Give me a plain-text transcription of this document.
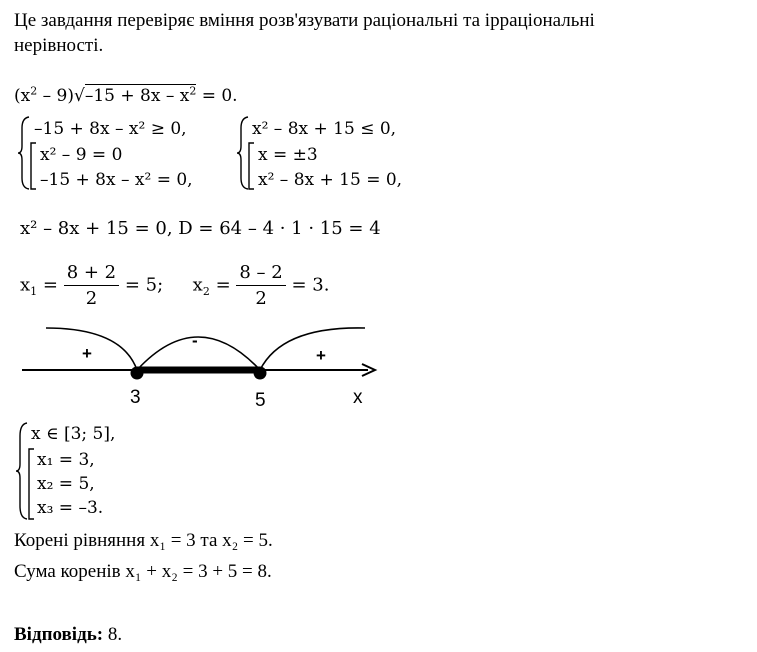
Це завдання перевіряє вміння розв'язувати раціональні та ірраціональні
нерівності.
$(x^2 - 9)√-15 + 8x - x^2 = 0$.
–15 + 8x – x² ≥ 0,
x² – 9 = 0
–15 + 8x – x² = 0,
x² – 8x + 15 ≤ 0,
x = ±3
x² – 8x + 15 = 0,
x² – 8x + 15 = 0, D = 64 – 4 · 1 · 15 = 4
$x_1 = \frac{8 + 2}{2} = 5$; $x_2 = \frac{8 - 2}{2} = 3$.
+
-
+
3	5	x
x ∈ [3; 5],
x₁ = 3,
x₂ = 5,
x₃ = –3.
Корені рівняння x₁ = 3 та x₂ = 5.
Сума коренів x₁ + x₂ = 3 + 5 = 8.
Відповідь: 8.
